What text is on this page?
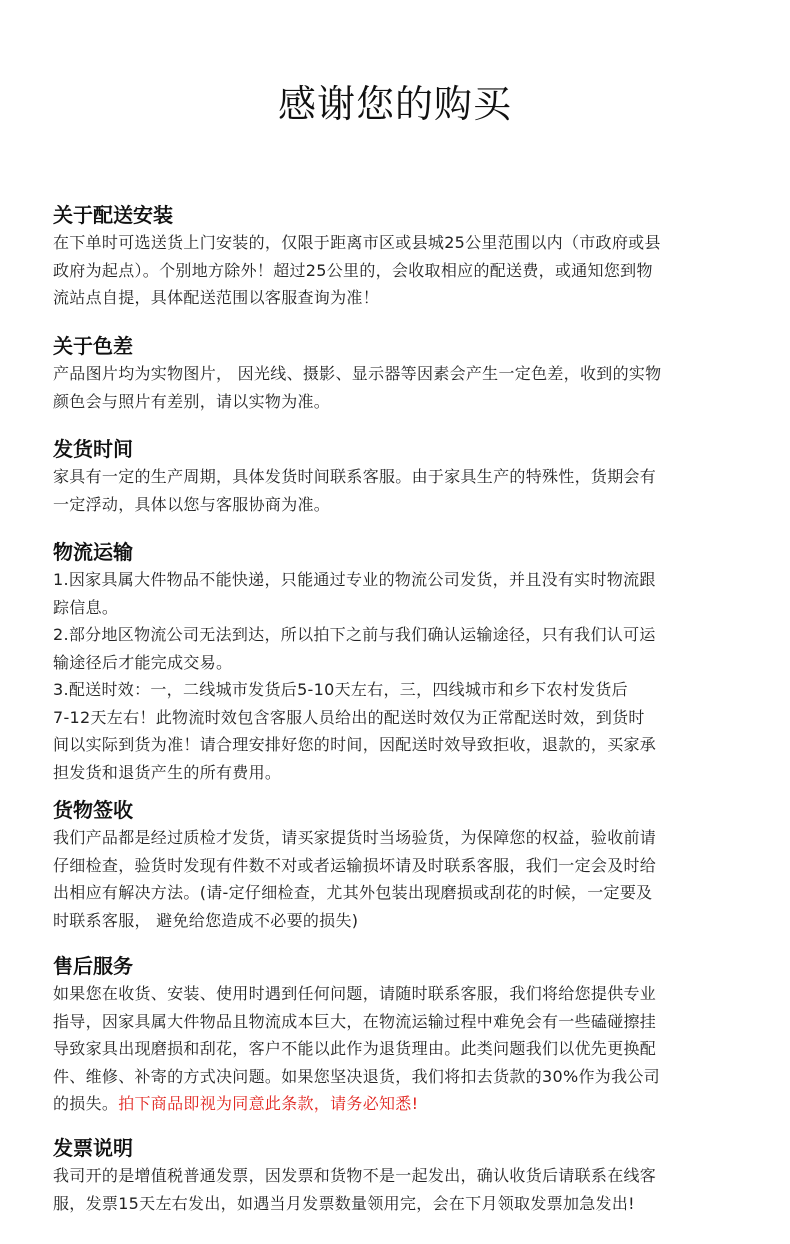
感谢您的购买
关于配送安装

在下单时可选送货上门安装的，仅限于距离市区或县城25公里范围以内（市政府或县

政府为起点）。个别地方除外！超过25公里的，会收取相应的配送费，或通知您到物

流站点自提，具体配送范围以客服查询为准！

关于色差

产品图片均为实物图片， 因光线、摄影、显示器等因素会产生一定色差，收到的实物

颜色会与照片有差别，请以实物为准。

发货时间

家具有一定的生产周期，具体发货时间联系客服。由于家具生产的特殊性，货期会有

一定浮动，具体以您与客服协商为准。

物流运输

1.因家具属大件物品不能快递，只能通过专业的物流公司发货，并且没有实时物流跟

踪信息。

2.部分地区物流公司无法到达，所以拍下之前与我们确认运输途径，只有我们认可运

输途径后才能完成交易。

3.配送时效：一，二线城市发货后5-10天左右，三，四线城市和乡下农村发货后

7-12天左右！此物流时效包含客服人员给出的配送时效仅为正常配送时效，到货时

间以实际到货为准！请合理安排好您的时间，因配送时效导致拒收，退款的，买家承

担发货和退货产生的所有费用。

货物签收

我们产品都是经过质检才发货，请买家提货时当场验货，为保障您的权益，验收前请

仔细检查，验货时发现有件数不对或者运输损坏请及时联系客服，我们一定会及时给

出相应有解决方法。(请-定仔细检查，尤其外包装出现磨损或刮花的时候，一定要及

时联系客服， 避免给您造成不必要的损失)

售后服务

如果您在收货、安装、使用时遇到任何问题，请随时联系客服，我们将给您提供专业

指导，因家具属大件物品且物流成本巨大，在物流运输过程中难免会有一些磕碰擦挂

导致家具出现磨损和刮花，客户不能以此作为退货理由。此类问题我们以优先更换配

件、维修、补寄的方式决问题。如果您坚决退货，我们将扣去货款的30%作为我公司

的损失。拍下商品即视为同意此条款，请务必知悉!

发票说明

我司开的是增值税普通发票，因发票和货物不是一起发出，确认收货后请联系在线客

服，发票15天左右发出，如遇当月发票数量领用完，会在下月领取发票加急发出!
